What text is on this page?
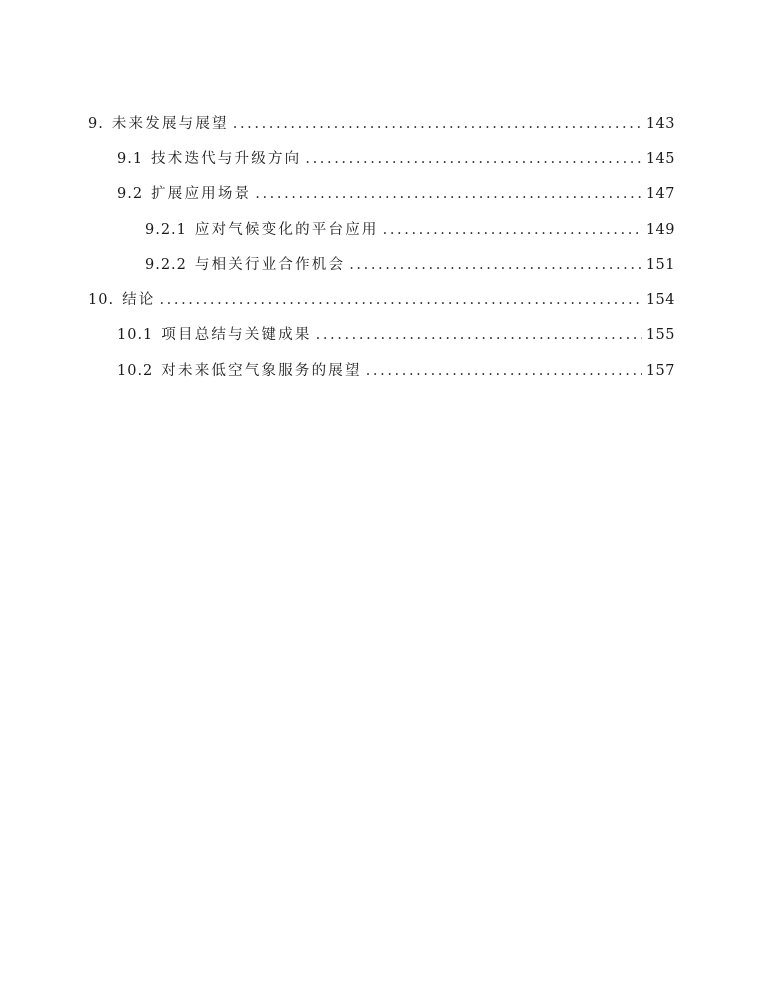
9. 未来发展与展望 .....	143
9.1 技术迭代与升级方向 .....	145
9.2 扩展应用场景 .....	147
9.2.1 应对气候变化的平台应用 .....	149
9.2.2 与相关行业合作机会 .....	151
10. 结论 .....	154
10.1 项目总结与关键成果 .....	155
10.2 对未来低空气象服务的展望 .....	157
